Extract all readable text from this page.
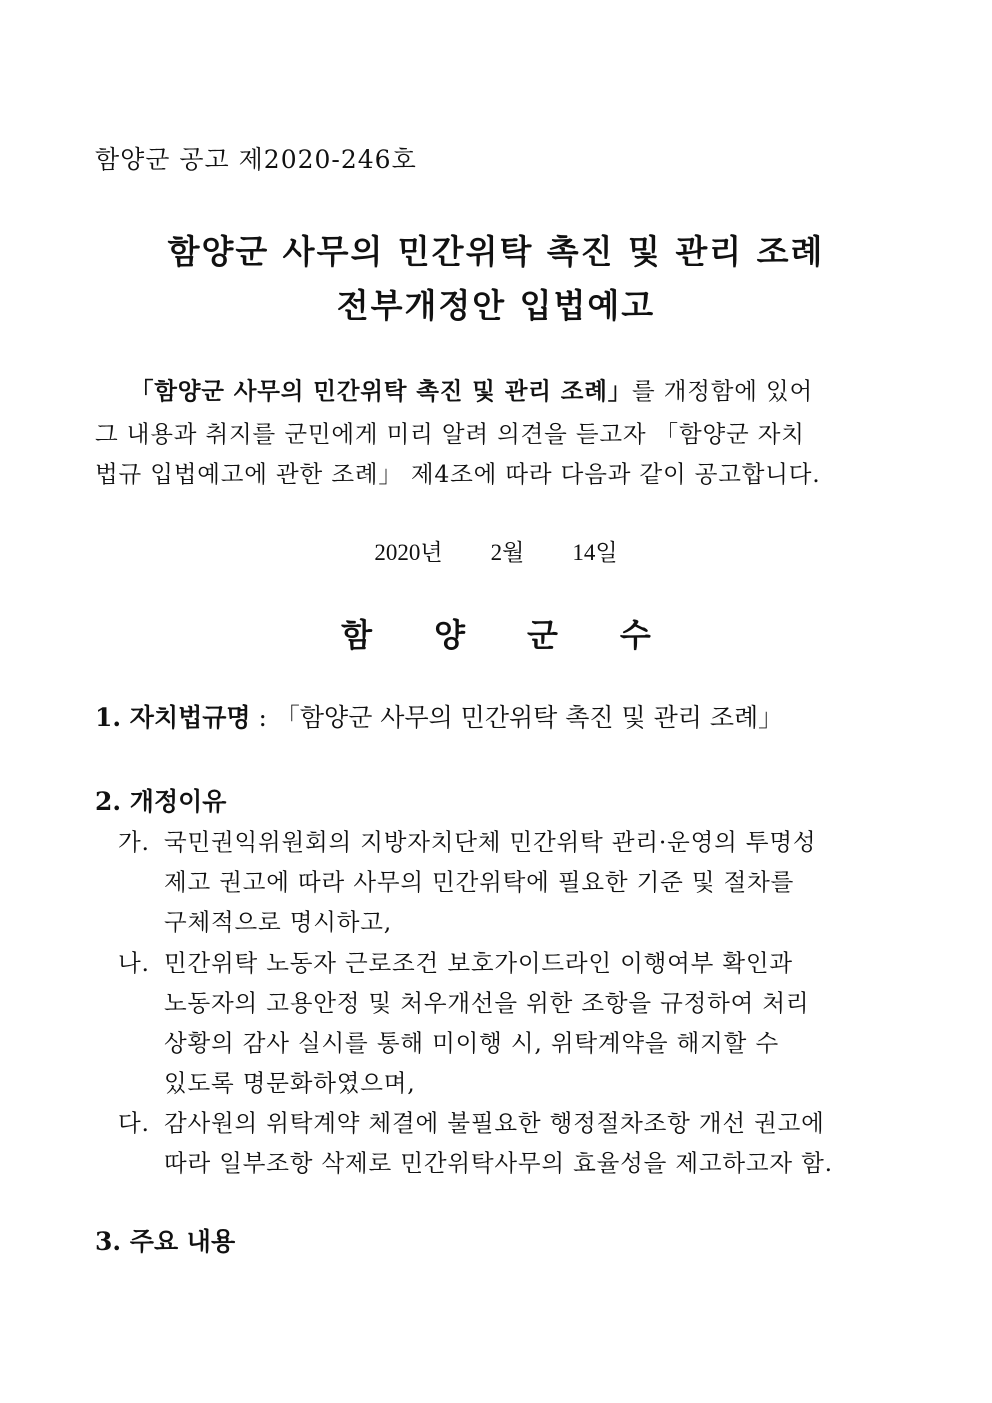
함양군 공고 제2020-246호
함양군 사무의 민간위탁 촉진 및 관리 조례
전부개정안 입법예고
「함양군 사무의 민간위탁 촉진 및 관리 조례」를 개정함에 있어
그 내용과 취지를 군민에게 미리 알려 의견을 듣고자 「함양군 자치
법규 입법예고에 관한 조례」 제4조에 따라 다음과 같이 공고합니다.
2020년 2월 14일
함 양 군 수
1. 자치법규명 : 「함양군 사무의 민간위탁 촉진 및 관리 조례」
2. 개정이유
가. 국민권익위원회의 지방자치단체 민간위탁 관리·운영의 투명성
제고 권고에 따라 사무의 민간위탁에 필요한 기준 및 절차를
구체적으로 명시하고,
나. 민간위탁 노동자 근로조건 보호가이드라인 이행여부 확인과
노동자의 고용안정 및 처우개선을 위한 조항을 규정하여 처리
상황의 감사 실시를 통해 미이행 시, 위탁계약을 해지할 수
있도록 명문화하였으며,
다. 감사원의 위탁계약 체결에 불필요한 행정절차조항 개선 권고에
따라 일부조항 삭제로 민간위탁사무의 효율성을 제고하고자 함.
3. 주요 내용
